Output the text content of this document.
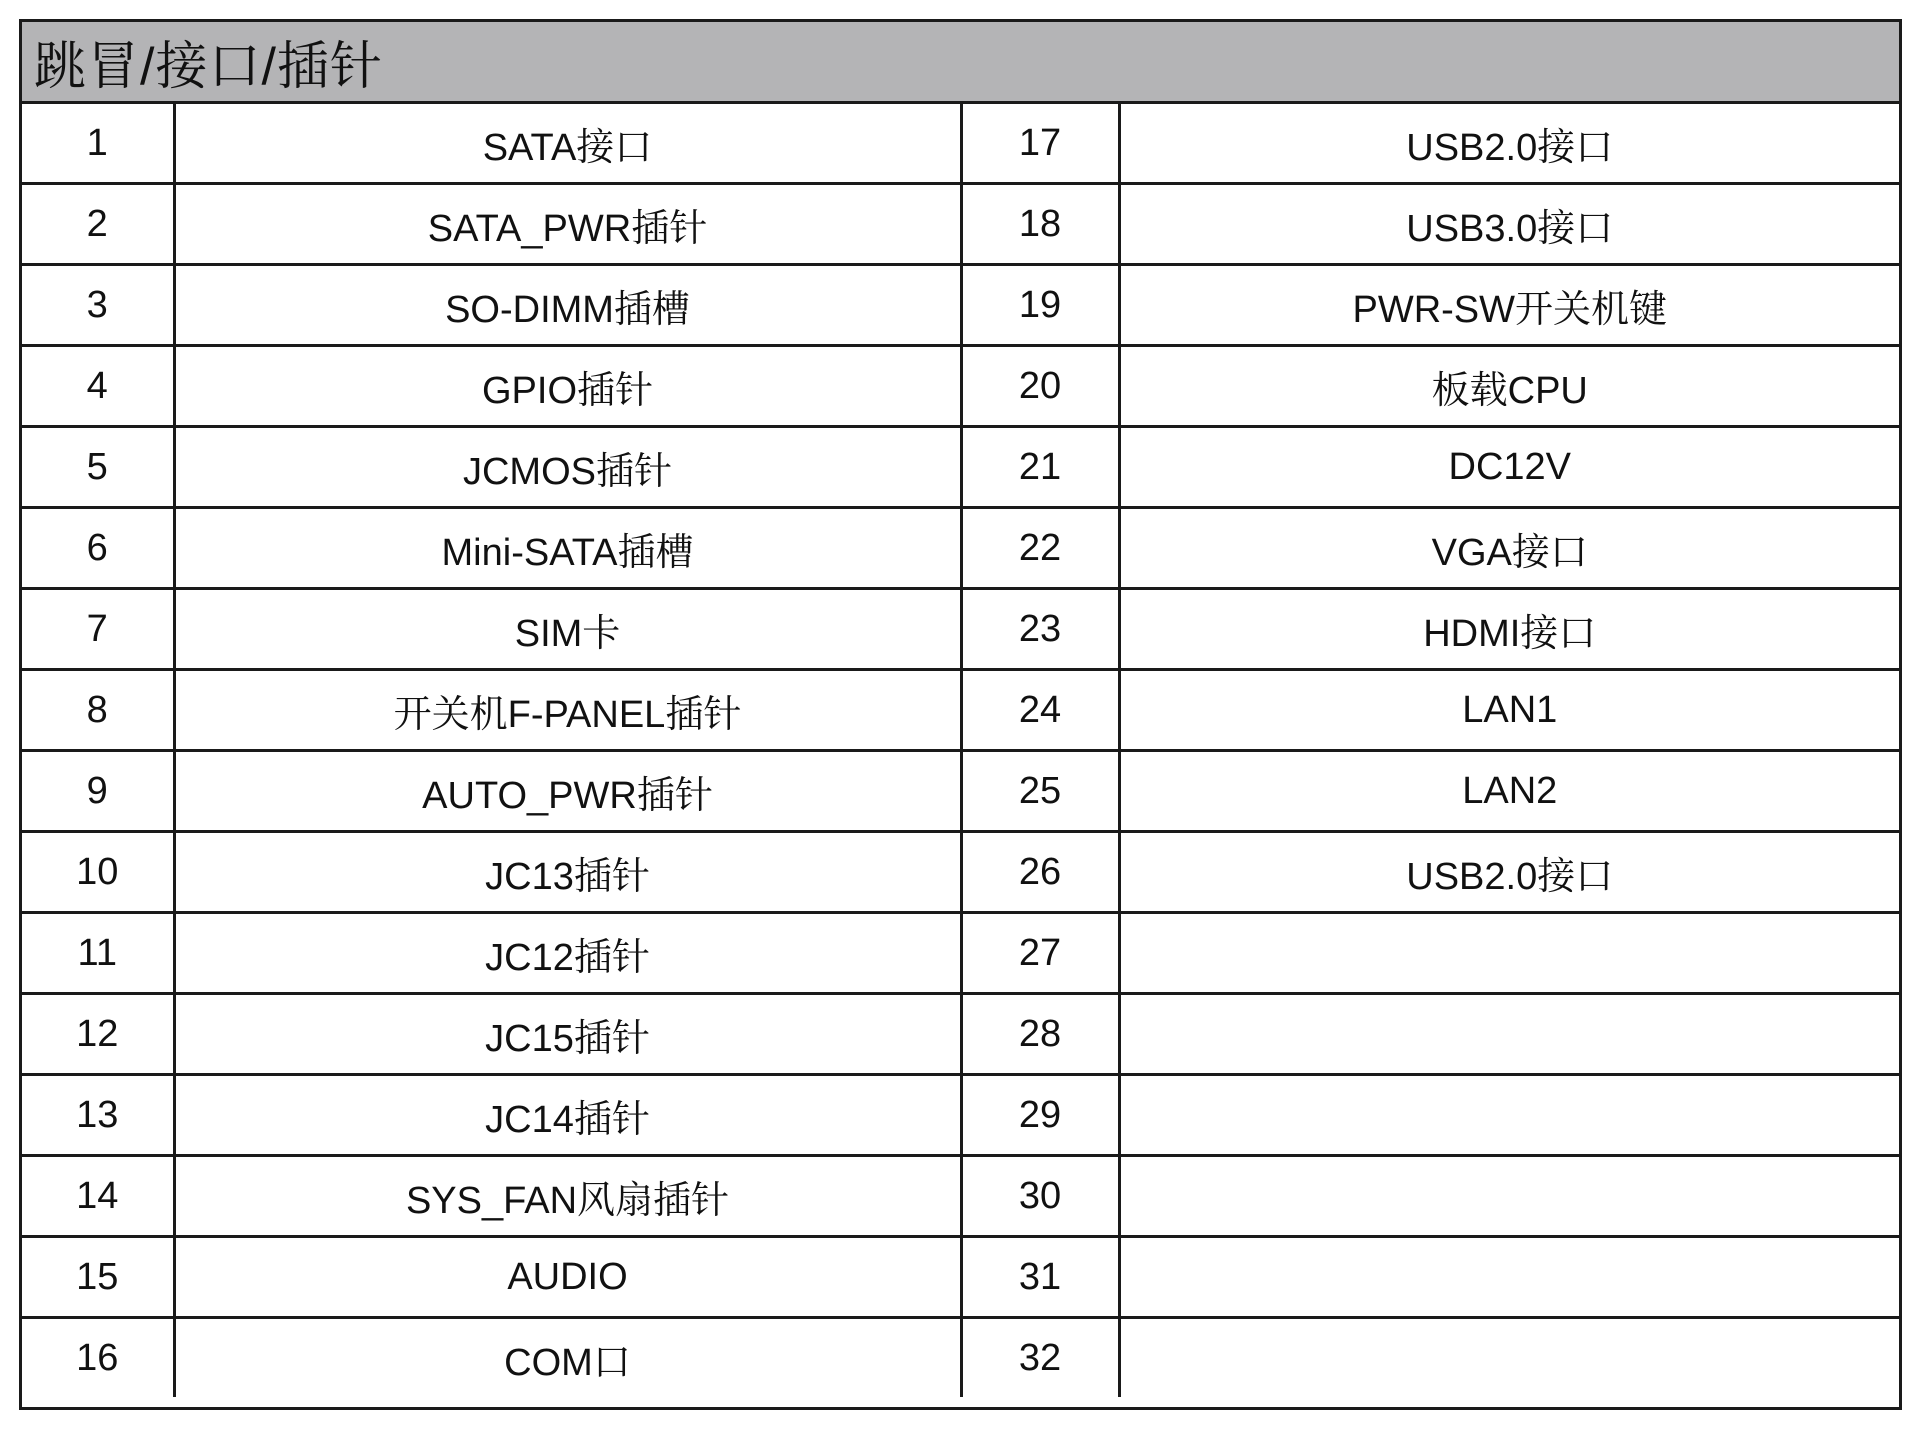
跳冒/接口/插针
1	SATA接口	17	USB2.0接口
2	SATA_PWR插针	18	USB3.0接口
3	SO-DIMM插槽	19	PWR-SW开关机键
4	GPIO插针	20	板载CPU
5	JCMOS插针	21	DC12V
6	Mini-SATA插槽	22	VGA接口
7	SIM卡	23	HDMI接口
8	开关机F-PANEL插针	24	LAN1
9	AUTO_PWR插针	25	LAN2
10	JC13插针	26	USB2.0接口
11	JC12插针	27	
12	JC15插针	28	
13	JC14插针	29	
14	SYS_FAN风扇插针	30	
15	AUDIO	31	
16	COM口	32	
